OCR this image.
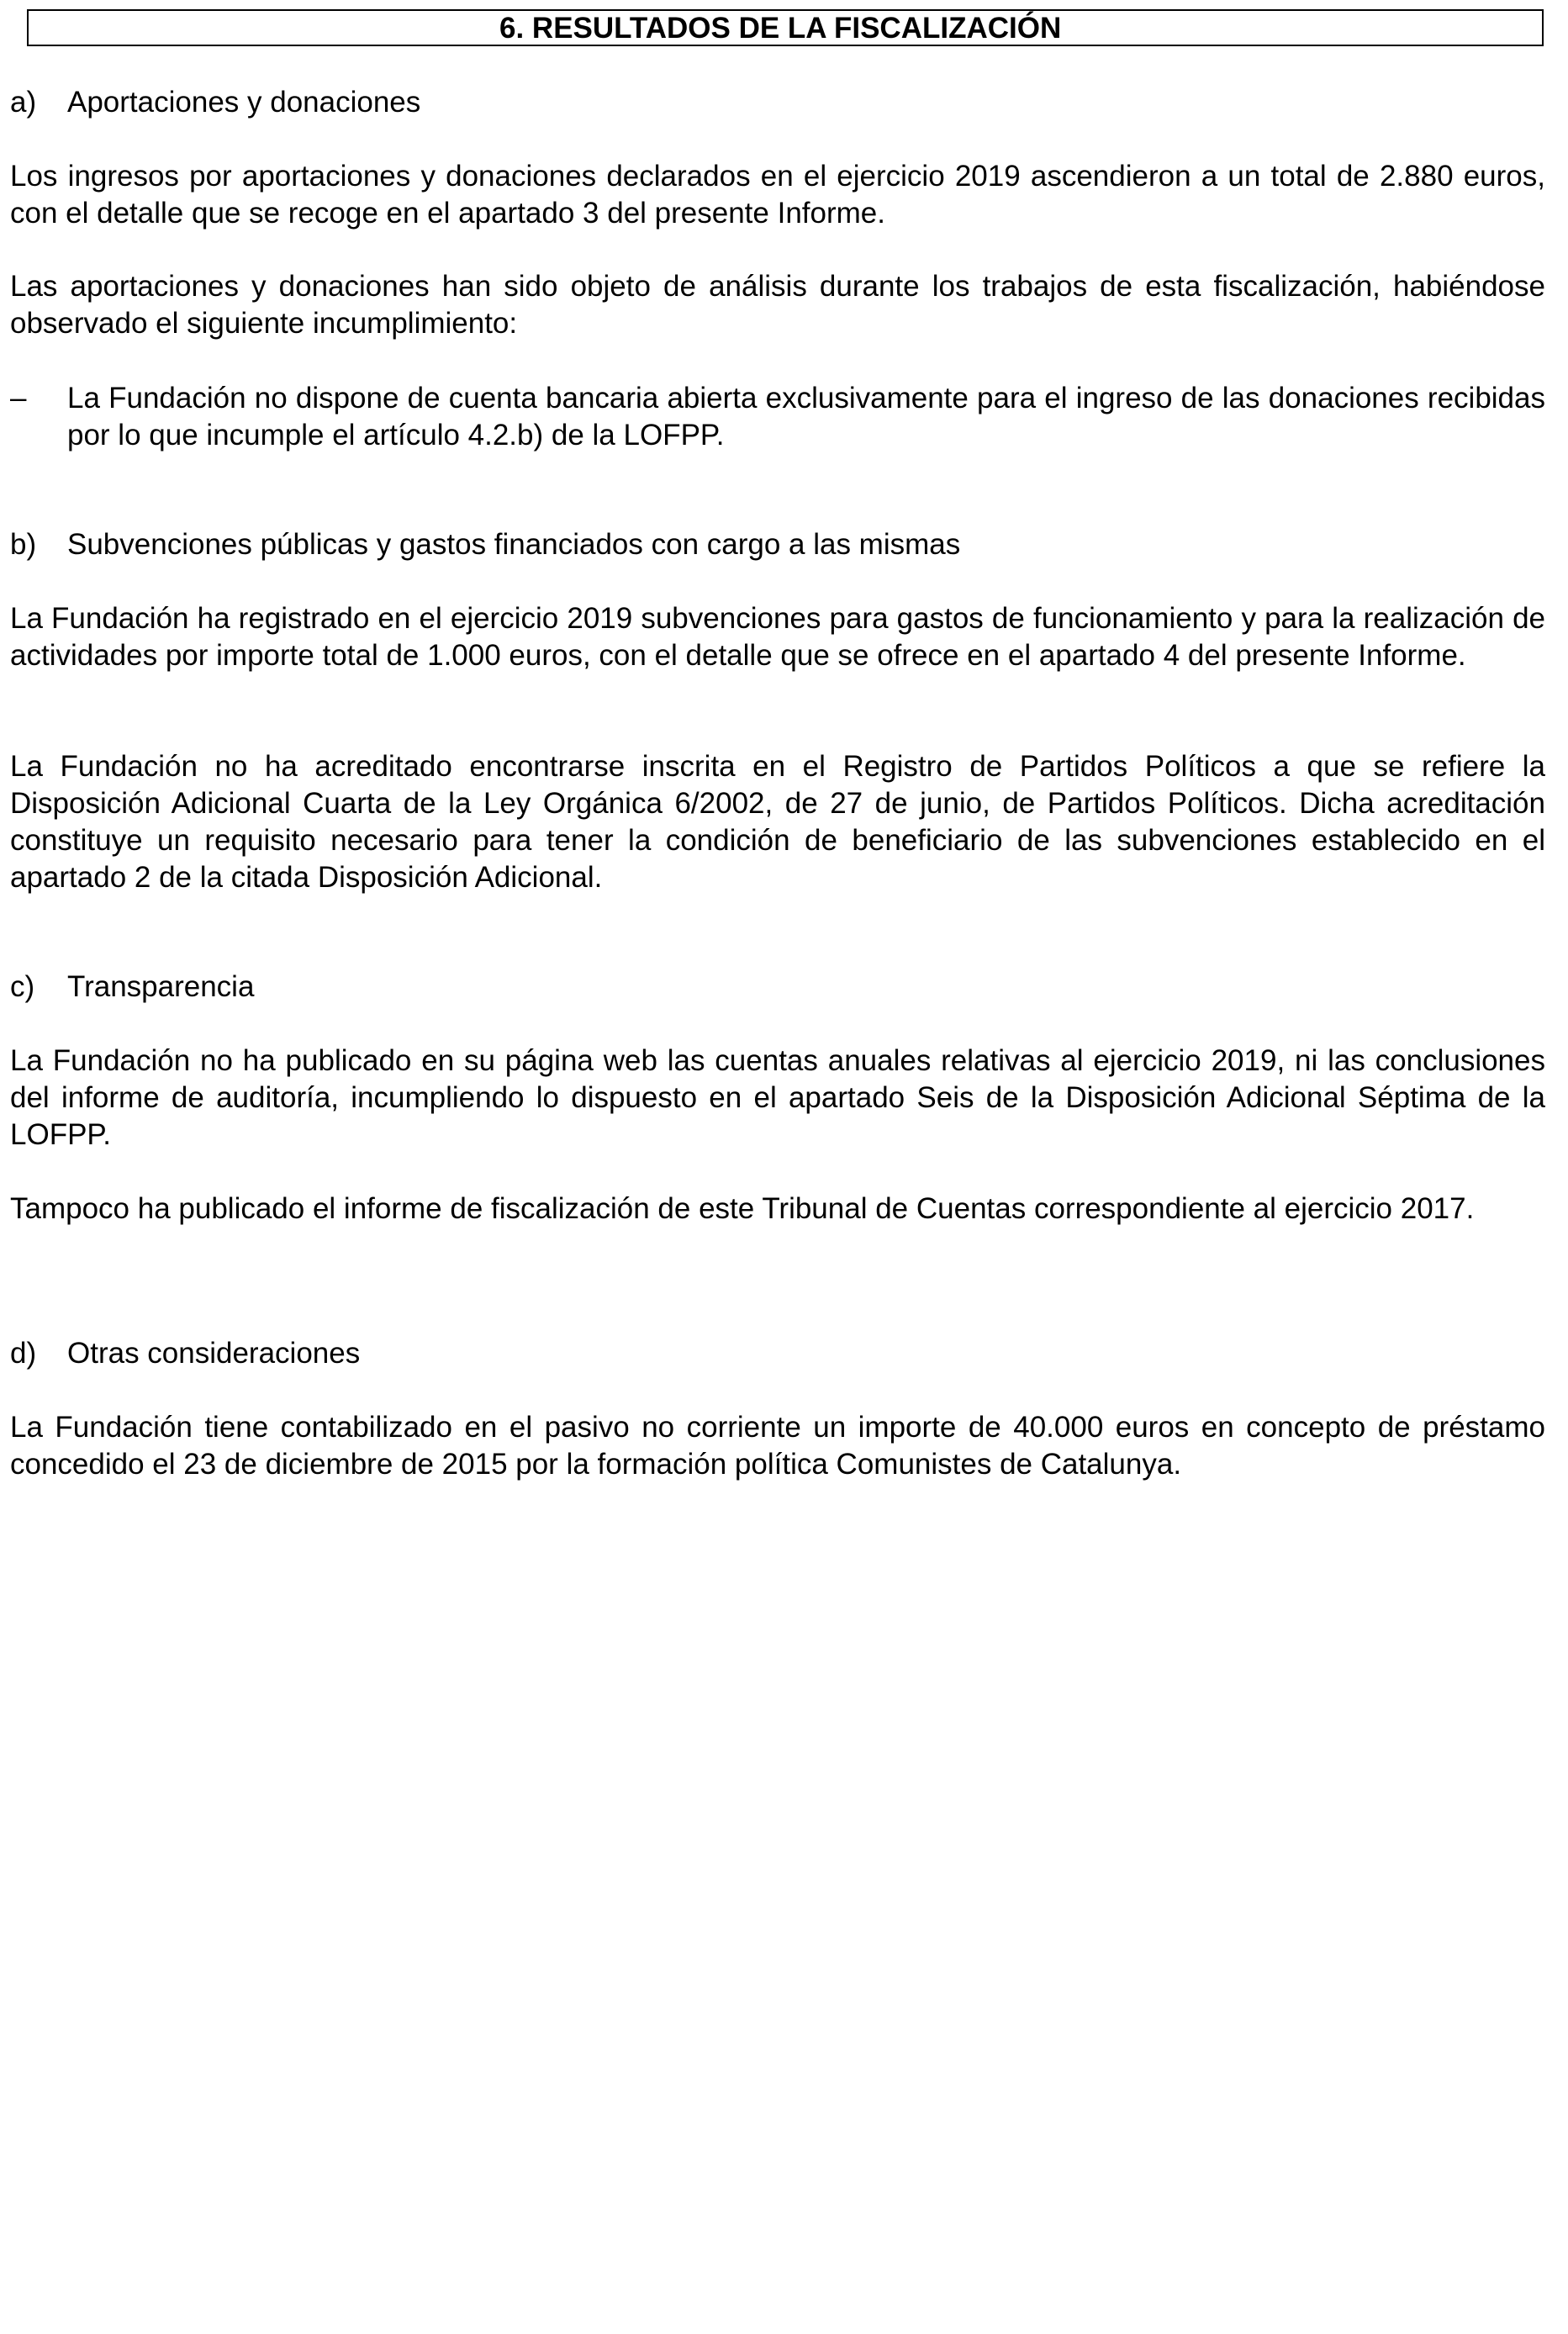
6. RESULTADOS DE LA FISCALIZACIÓN
a) Aportaciones y donaciones
Los ingresos por aportaciones y donaciones declarados en el ejercicio 2019 ascendieron a un total de 2.880 euros, con el detalle que se recoge en el apartado 3 del presente Informe.
Las aportaciones y donaciones han sido objeto de análisis durante los trabajos de esta fiscalización, habiéndose observado el siguiente incumplimiento:
– La Fundación no dispone de cuenta bancaria abierta exclusivamente para el ingreso de las donaciones recibidas por lo que incumple el artículo 4.2.b) de la LOFPP.
b) Subvenciones públicas y gastos financiados con cargo a las mismas
La Fundación ha registrado en el ejercicio 2019 subvenciones para gastos de funcionamiento y para la realización de actividades por importe total de 1.000 euros, con el detalle que se ofrece en el apartado 4 del presente Informe.
La Fundación no ha acreditado encontrarse inscrita en el Registro de Partidos Políticos a que se refiere la Disposición Adicional Cuarta de la Ley Orgánica 6/2002, de 27 de junio, de Partidos Políticos. Dicha acreditación constituye un requisito necesario para tener la condición de beneficiario de las subvenciones establecido en el apartado 2 de la citada Disposición Adicional.
c) Transparencia
La Fundación no ha publicado en su página web las cuentas anuales relativas al ejercicio 2019, ni las conclusiones del informe de auditoría, incumpliendo lo dispuesto en el apartado Seis de la Disposición Adicional Séptima de la LOFPP.
Tampoco ha publicado el informe de fiscalización de este Tribunal de Cuentas correspondiente al ejercicio 2017.
d) Otras consideraciones
La Fundación tiene contabilizado en el pasivo no corriente un importe de 40.000 euros en concepto de préstamo concedido el 23 de diciembre de 2015 por la formación política Comunistes de Catalunya.
